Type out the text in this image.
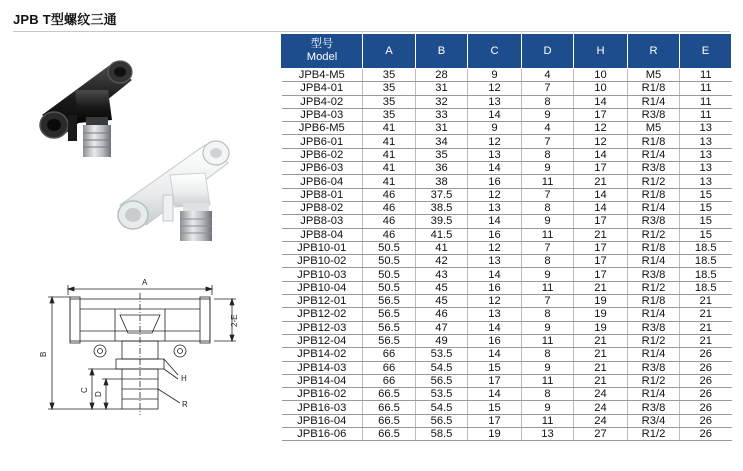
JPB T型螺纹三通
A
2-E
B
C
D
H
R
型号
Model	A	B	C	D	H	R	E
JPB4-M5	35	28	9	4	10	M5	11
JPB4-01	35	31	12	7	10	R1/8	11
JPB4-02	35	32	13	8	14	R1/4	11
JPB4-03	35	33	14	9	17	R3/8	11
JPB6-M5	41	31	9	4	12	M5	13
JPB6-01	41	34	12	7	12	R1/8	13
JPB6-02	41	35	13	8	14	R1/4	13
JPB6-03	41	36	14	9	17	R3/8	13
JPB6-04	41	38	16	11	21	R1/2	13
JPB8-01	46	37.5	12	7	14	R1/8	15
JPB8-02	46	38.5	13	8	14	R1/4	15
JPB8-03	46	39.5	14	9	17	R3/8	15
JPB8-04	46	41.5	16	11	21	R1/2	15
JPB10-01	50.5	41	12	7	17	R1/8	18.5
JPB10-02	50.5	42	13	8	17	R1/4	18.5
JPB10-03	50.5	43	14	9	17	R3/8	18.5
JPB10-04	50.5	45	16	11	21	R1/2	18.5
JPB12-01	56.5	45	12	7	19	R1/8	21
JPB12-02	56.5	46	13	8	19	R1/4	21
JPB12-03	56.5	47	14	9	19	R3/8	21
JPB12-04	56.5	49	16	11	21	R1/2	21
JPB14-02	66	53.5	14	8	21	R1/4	26
JPB14-03	66	54.5	15	9	21	R3/8	26
JPB14-04	66	56.5	17	11	21	R1/2	26
JPB16-02	66.5	53.5	14	8	24	R1/4	26
JPB16-03	66.5	54.5	15	9	24	R3/8	26
JPB16-04	66.5	56.5	17	11	24	R3/4	26
JPB16-06	66.5	58.5	19	13	27	R1/2	26
